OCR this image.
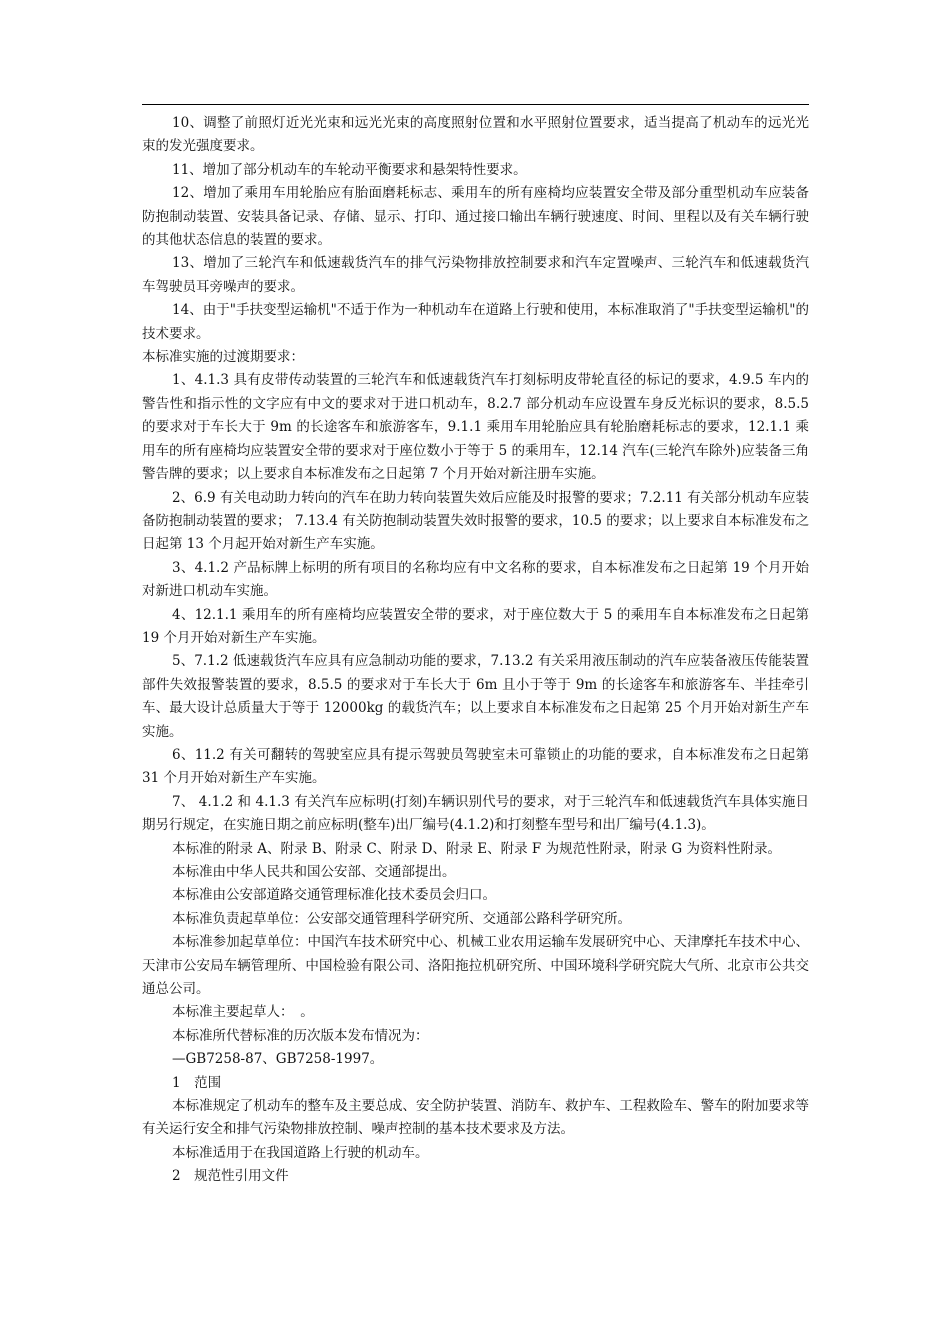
10、调整了前照灯近光光束和远光光束的高度照射位置和水平照射位置要求，适当提高了机动车的远光光束的发光强度要求。

11、增加了部分机动车的车轮动平衡要求和悬架特性要求。

12、增加了乘用车用轮胎应有胎面磨耗标志、乘用车的所有座椅均应装置安全带及部分重型机动车应装备防抱制动装置、安装具备记录、存储、显示、打印、通过接口输出车辆行驶速度、时间、里程以及有关车辆行驶的其他状态信息的装置的要求。

13、增加了三轮汽车和低速载货汽车的排气污染物排放控制要求和汽车定置噪声、三轮汽车和低速载货汽车驾驶员耳旁噪声的要求。

14、由于"手扶变型运输机"不适于作为一种机动车在道路上行驶和使用，本标准取消了"手扶变型运输机"的技术要求。

本标准实施的过渡期要求：

1、4.1.3 具有皮带传动装置的三轮汽车和低速载货汽车打刻标明皮带轮直径的标记的要求，4.9.5 车内的警告性和指示性的文字应有中文的要求对于进口机动车，8.2.7 部分机动车应设置车身反光标识的要求，8.5.5 的要求对于车长大于 9m 的长途客车和旅游客车，9.1.1 乘用车用轮胎应具有轮胎磨耗标志的要求，12.1.1 乘用车的所有座椅均应装置安全带的要求对于座位数小于等于 5 的乘用车，12.14 汽车(三轮汽车除外)应装备三角警告牌的要求；以上要求自本标准发布之日起第 7 个月开始对新注册车实施。

2、6.9 有关电动助力转向的汽车在助力转向装置失效后应能及时报警的要求；7.2.11 有关部分机动车应装备防抱制动装置的要求； 7.13.4 有关防抱制动装置失效时报警的要求，10.5 的要求；以上要求自本标准发布之日起第 13 个月起开始对新生产车实施。

3、4.1.2 产品标牌上标明的所有项目的名称均应有中文名称的要求，自本标准发布之日起第 19 个月开始对新进口机动车实施。

4、12.1.1 乘用车的所有座椅均应装置安全带的要求，对于座位数大于 5 的乘用车自本标准发布之日起第 19 个月开始对新生产车实施。

5、7.1.2 低速载货汽车应具有应急制动功能的要求，7.13.2 有关采用液压制动的汽车应装备液压传能装置部件失效报警装置的要求，8.5.5 的要求对于车长大于 6m 且小于等于 9m 的长途客车和旅游客车、半挂牵引车、最大设计总质量大于等于 12000kg 的载货汽车；以上要求自本标准发布之日起第 25 个月开始对新生产车实施。

6、11.2 有关可翻转的驾驶室应具有提示驾驶员驾驶室未可靠锁止的功能的要求，自本标准发布之日起第 31 个月开始对新生产车实施。

7、 4.1.2 和 4.1.3 有关汽车应标明(打刻)车辆识别代号的要求，对于三轮汽车和低速载货汽车具体实施日期另行规定，在实施日期之前应标明(整车)出厂编号(4.1.2)和打刻整车型号和出厂编号(4.1.3)。

本标准的附录 A、附录 B、附录 C、附录 D、附录 E、附录 F 为规范性附录，附录 G 为资料性附录。

本标准由中华人民共和国公安部、交通部提出。

本标准由公安部道路交通管理标准化技术委员会归口。

本标准负责起草单位：公安部交通管理科学研究所、交通部公路科学研究所。

本标准参加起草单位：中国汽车技术研究中心、机械工业农用运输车发展研究中心、天津摩托车技术中心、天津市公安局车辆管理所、中国检验有限公司、洛阳拖拉机研究所、中国环境科学研究院大气所、北京市公共交通总公司。

本标准主要起草人：　。

本标准所代替标准的历次版本发布情况为：

—GB7258-87、GB7258-1997。

1　范围

本标准规定了机动车的整车及主要总成、安全防护装置、消防车、救护车、工程救险车、警车的附加要求等有关运行安全和排气污染物排放控制、噪声控制的基本技术要求及方法。

本标准适用于在我国道路上行驶的机动车。

2　规范性引用文件
